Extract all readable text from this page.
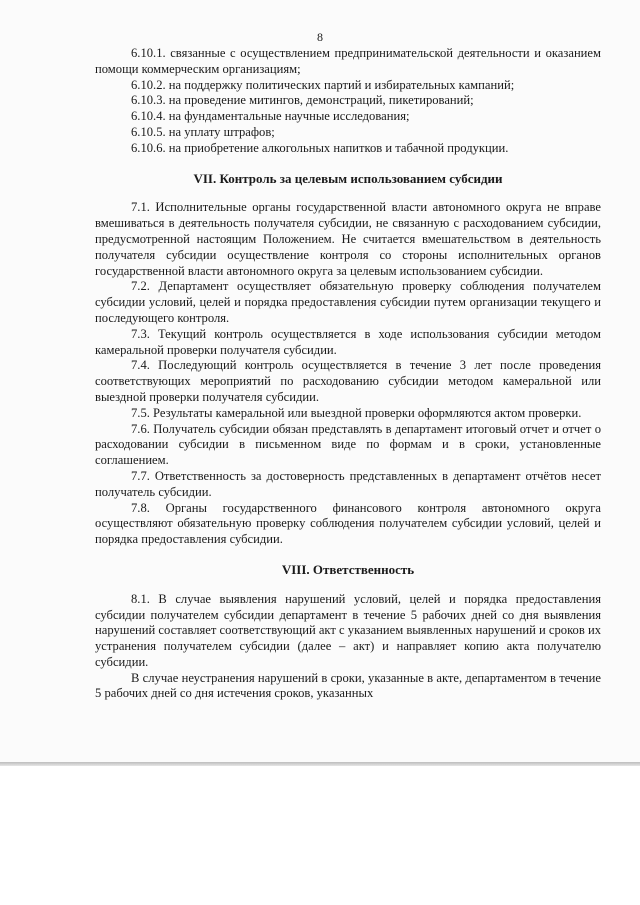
8

6.10.1. связанные с осуществлением предпринимательской деятельности и оказанием помощи коммерческим организациям;

6.10.2. на поддержку политических партий и избирательных кампаний;

6.10.3. на проведение митингов, демонстраций, пикетирований;

6.10.4. на фундаментальные научные исследования;

6.10.5. на уплату штрафов;

6.10.6. на приобретение алкогольных напитков и табачной продукции.

VII. Контроль за целевым использованием субсидии

7.1. Исполнительные органы государственной власти автономного округа не вправе вмешиваться в деятельность получателя субсидии, не связанную с расходованием субсидии, предусмотренной настоящим Положением. Не считается вмешательством в деятельность получателя субсидии осуществление контроля со стороны исполнительных органов государственной власти автономного округа за целевым использованием субсидии.

7.2. Департамент осуществляет обязательную проверку соблюдения получателем субсидии условий, целей и порядка предоставления субсидии путем организации текущего и последующего контроля.

7.3. Текущий контроль осуществляется в ходе использования субсидии методом камеральной проверки получателя субсидии.

7.4. Последующий контроль осуществляется в течение 3 лет после проведения соответствующих мероприятий по расходованию субсидии методом камеральной или выездной проверки получателя субсидии.

7.5. Результаты камеральной или выездной проверки оформляются актом проверки.

7.6. Получатель субсидии обязан представлять в департамент итоговый отчет и отчет о расходовании субсидии в письменном виде по формам и в сроки, установленные соглашением.

7.7. Ответственность за достоверность представленных в департамент отчётов несет получатель субсидии.

7.8. Органы государственного финансового контроля автономного округа осуществляют обязательную проверку соблюдения получателем субсидии условий, целей и порядка предоставления субсидии.

VIII. Ответственность

8.1. В случае выявления нарушений условий, целей и порядка предоставления субсидии получателем субсидии департамент в течение 5 рабочих дней со дня выявления нарушений составляет соответствующий акт с указанием выявленных нарушений и сроков их устранения получателем субсидии (далее – акт) и направляет копию акта получателю субсидии.

В случае неустранения нарушений в сроки, указанные в акте, департаментом в течение 5 рабочих дней со дня истечения сроков, указанных
